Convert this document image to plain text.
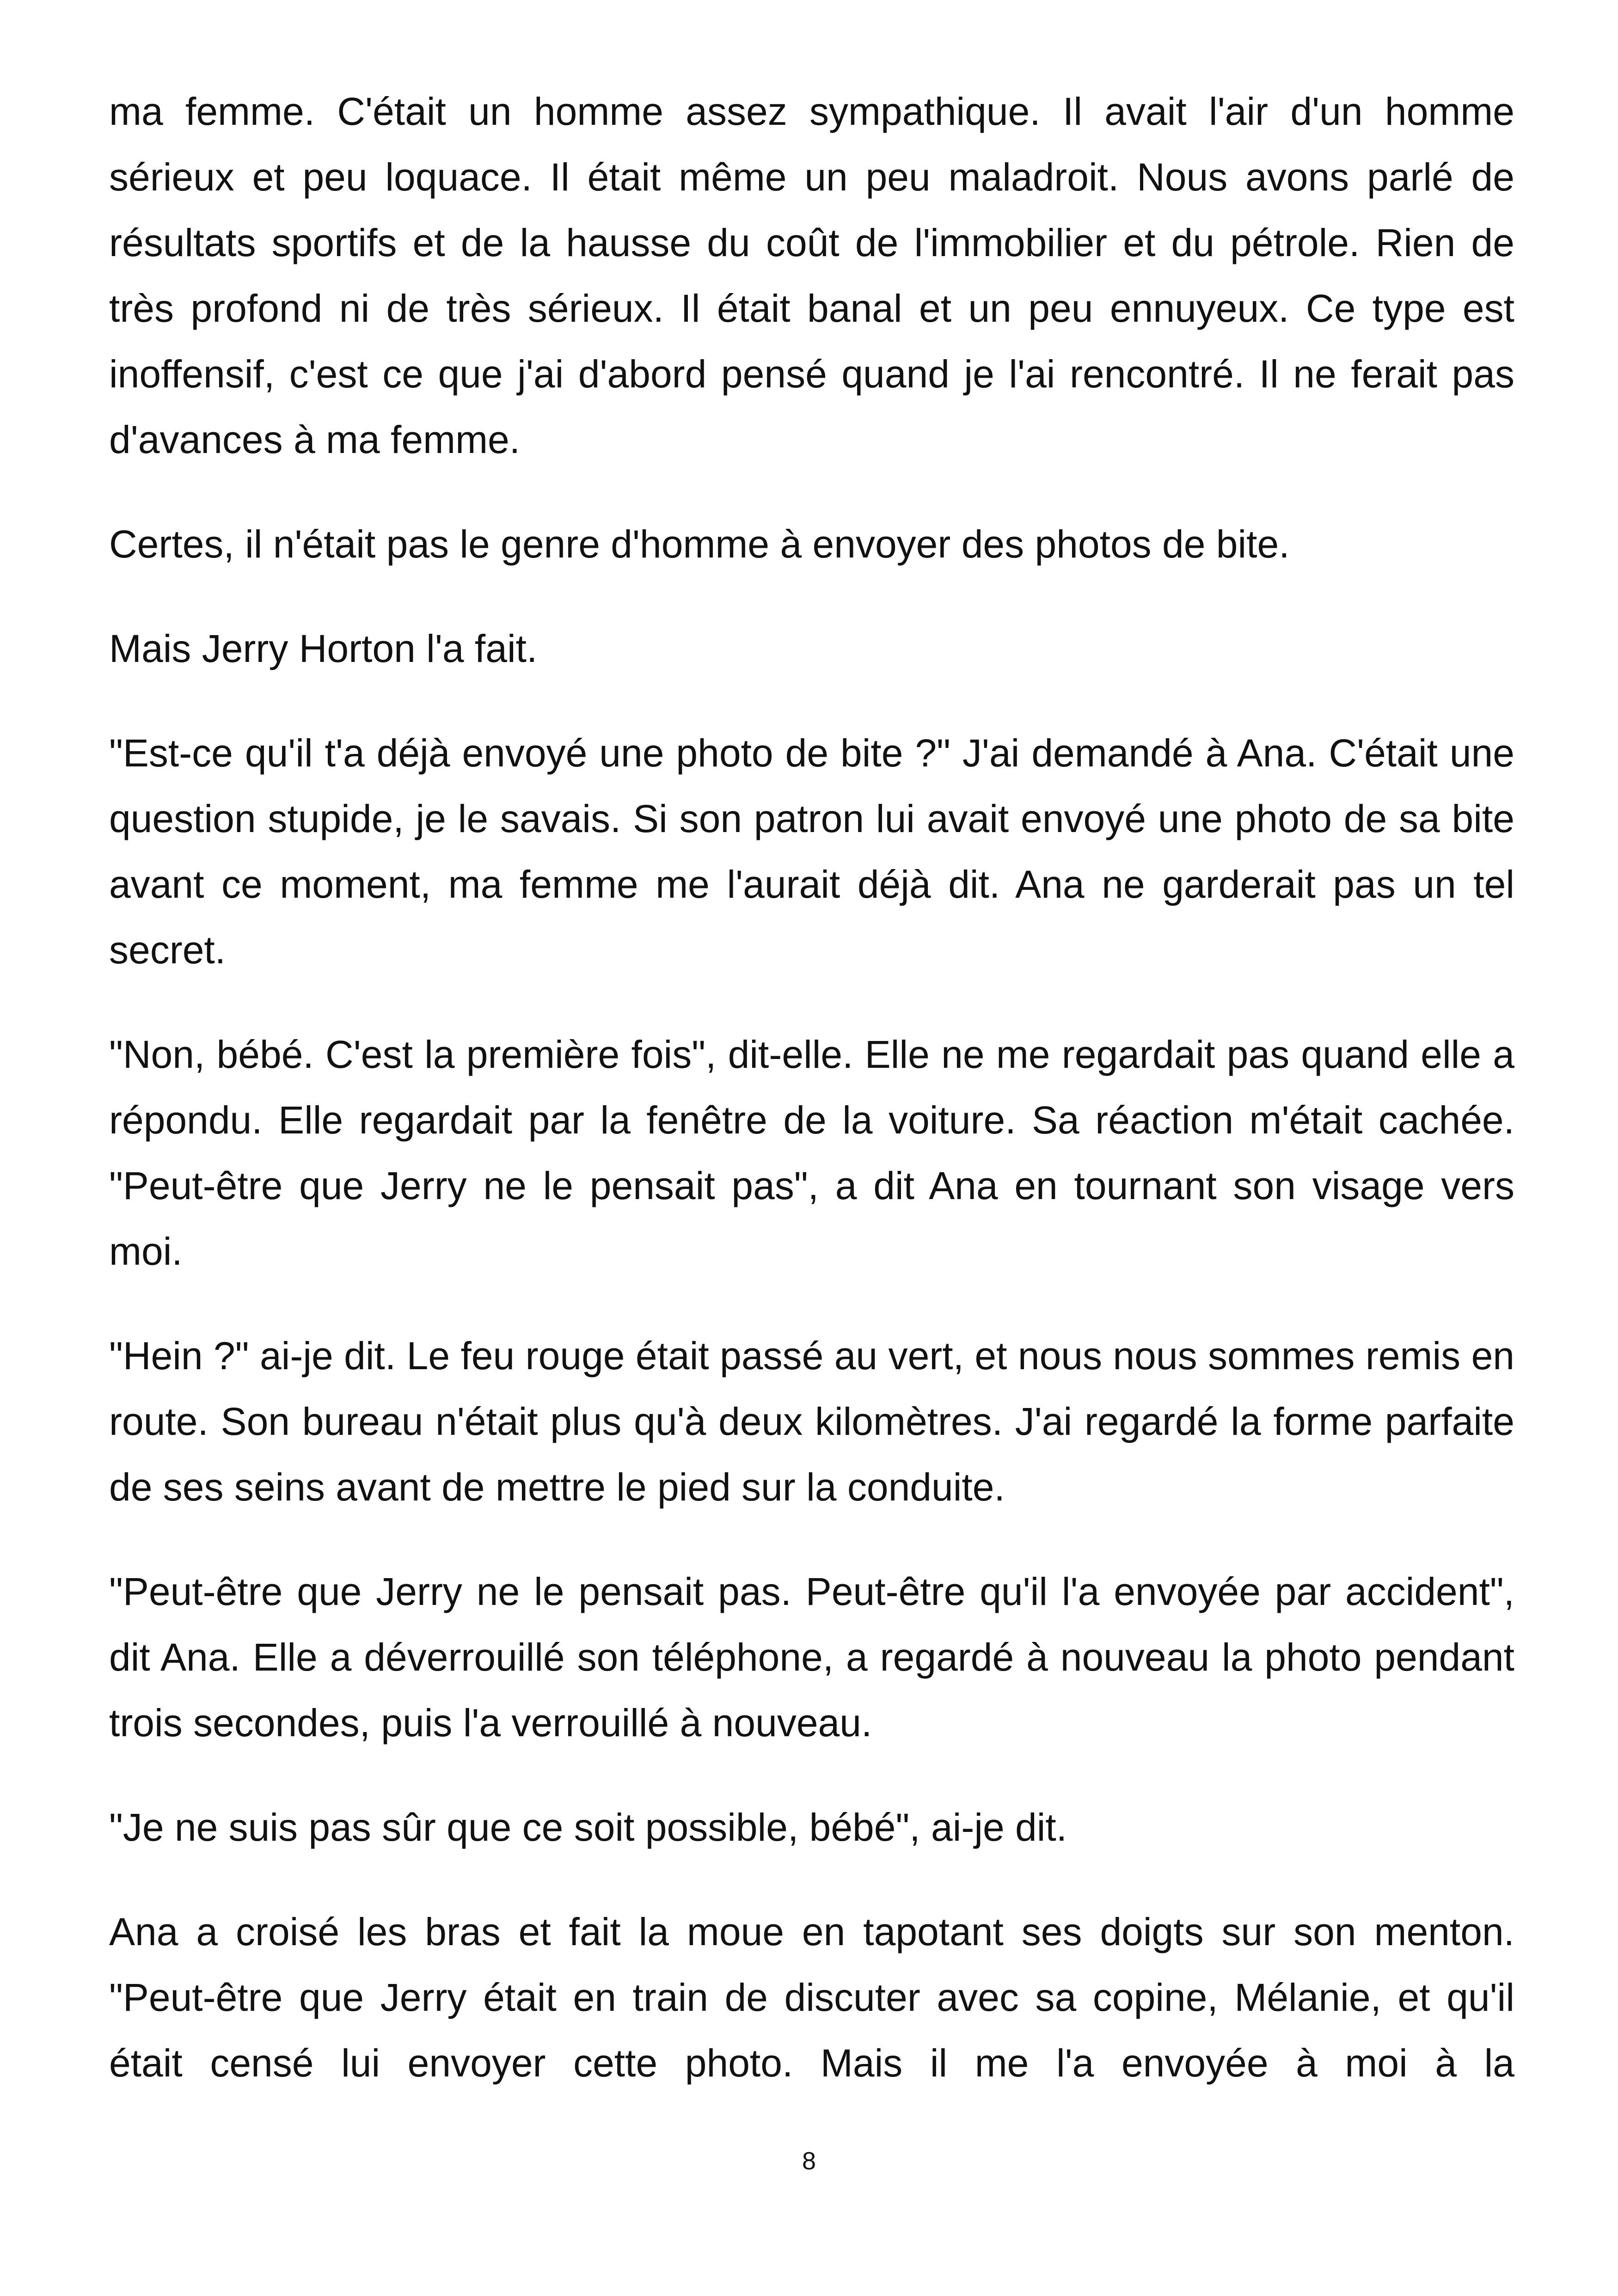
ma femme. C'était un homme assez sympathique. Il avait l'air d'un homme sérieux et peu loquace. Il était même un peu maladroit. Nous avons parlé de résultats sportifs et de la hausse du coût de l'immobilier et du pétrole. Rien de très profond ni de très sérieux. Il était banal et un peu ennuyeux. Ce type est inoffensif, c'est ce que j'ai d'abord pensé quand je l'ai rencontré. Il ne ferait pas d'avances à ma femme.

Certes, il n'était pas le genre d'homme à envoyer des photos de bite.

Mais Jerry Horton l'a fait.

"Est-ce qu'il t'a déjà envoyé une photo de bite ?" J'ai demandé à Ana. C'était une question stupide, je le savais. Si son patron lui avait envoyé une photo de sa bite avant ce moment, ma femme me l'aurait déjà dit. Ana ne garderait pas un tel secret.

"Non, bébé. C'est la première fois", dit-elle. Elle ne me regardait pas quand elle a répondu. Elle regardait par la fenêtre de la voiture. Sa réaction m'était cachée. "Peut-être que Jerry ne le pensait pas", a dit Ana en tournant son visage vers moi.

"Hein ?" ai-je dit. Le feu rouge était passé au vert, et nous nous sommes remis en route. Son bureau n'était plus qu'à deux kilomètres. J'ai regardé la forme parfaite de ses seins avant de mettre le pied sur la conduite.

"Peut-être que Jerry ne le pensait pas. Peut-être qu'il l'a envoyée par accident", dit Ana. Elle a déverrouillé son téléphone, a regardé à nouveau la photo pendant trois secondes, puis l'a verrouillé à nouveau.

"Je ne suis pas sûr que ce soit possible, bébé", ai-je dit.

Ana a croisé les bras et fait la moue en tapotant ses doigts sur son menton. "Peut-être que Jerry était en train de discuter avec sa copine, Mélanie, et qu'il était censé lui envoyer cette photo. Mais il me l'a envoyée à moi à la

8
